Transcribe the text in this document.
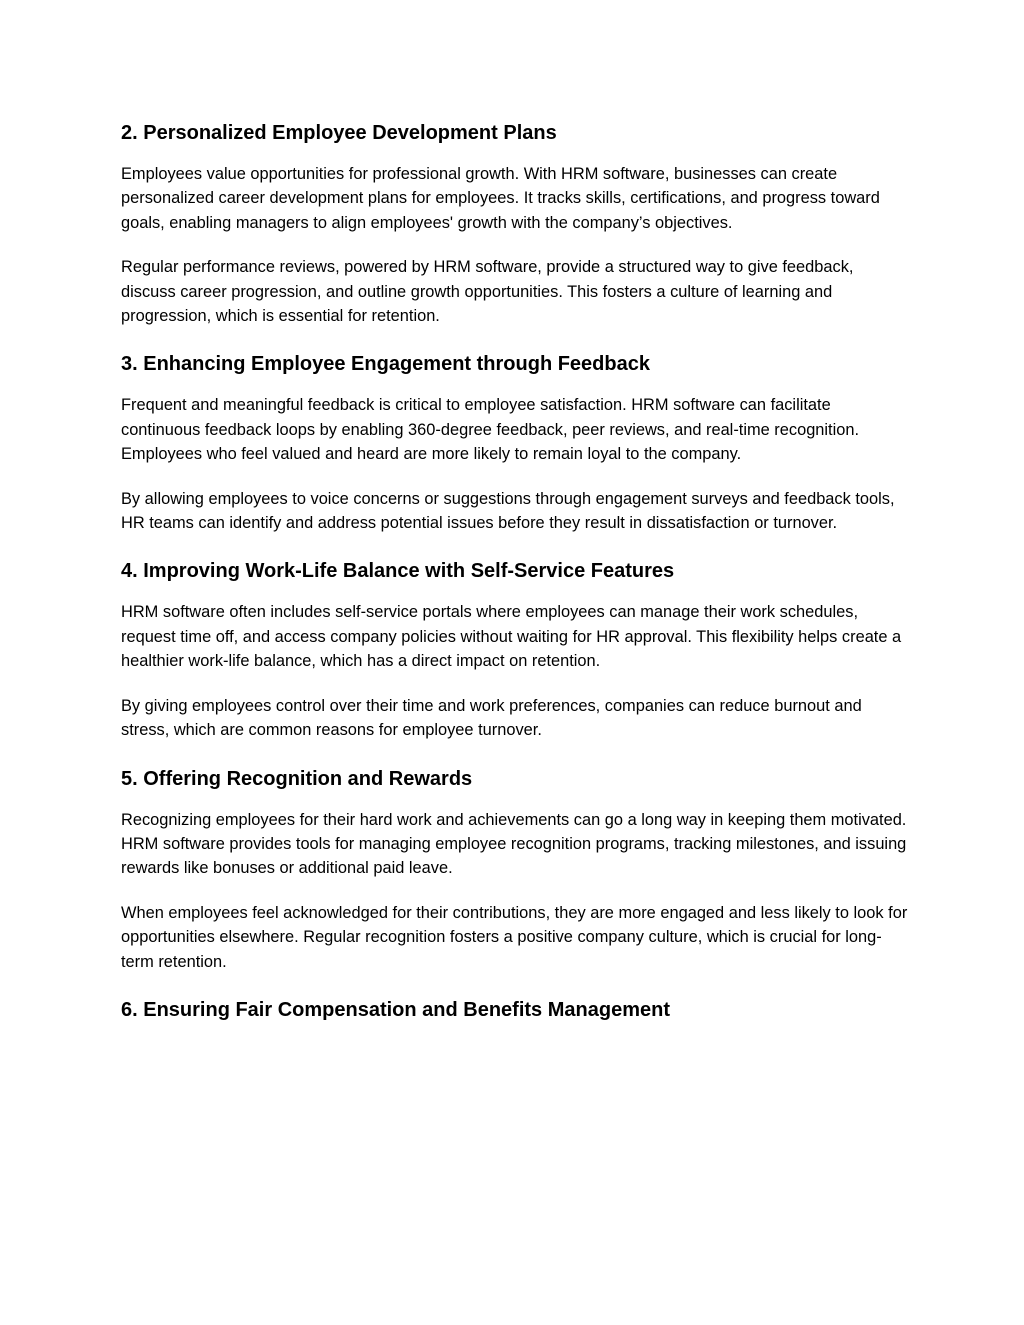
2. Personalized Employee Development Plans

Employees value opportunities for professional growth. With HRM software, businesses can create personalized career development plans for employees. It tracks skills, certifications, and progress toward goals, enabling managers to align employees' growth with the company’s objectives.

Regular performance reviews, powered by HRM software, provide a structured way to give feedback, discuss career progression, and outline growth opportunities. This fosters a culture of learning and progression, which is essential for retention.

3. Enhancing Employee Engagement through Feedback

Frequent and meaningful feedback is critical to employee satisfaction. HRM software can facilitate continuous feedback loops by enabling 360-degree feedback, peer reviews, and real-time recognition. Employees who feel valued and heard are more likely to remain loyal to the company.

By allowing employees to voice concerns or suggestions through engagement surveys and feedback tools, HR teams can identify and address potential issues before they result in dissatisfaction or turnover.

4. Improving Work-Life Balance with Self-Service Features

HRM software often includes self-service portals where employees can manage their work schedules, request time off, and access company policies without waiting for HR approval. This flexibility helps create a healthier work-life balance, which has a direct impact on retention.

By giving employees control over their time and work preferences, companies can reduce burnout and stress, which are common reasons for employee turnover.

5. Offering Recognition and Rewards

Recognizing employees for their hard work and achievements can go a long way in keeping them motivated. HRM software provides tools for managing employee recognition programs, tracking milestones, and issuing rewards like bonuses or additional paid leave.

When employees feel acknowledged for their contributions, they are more engaged and less likely to look for opportunities elsewhere. Regular recognition fosters a positive company culture, which is crucial for long-term retention.

6. Ensuring Fair Compensation and Benefits Management
